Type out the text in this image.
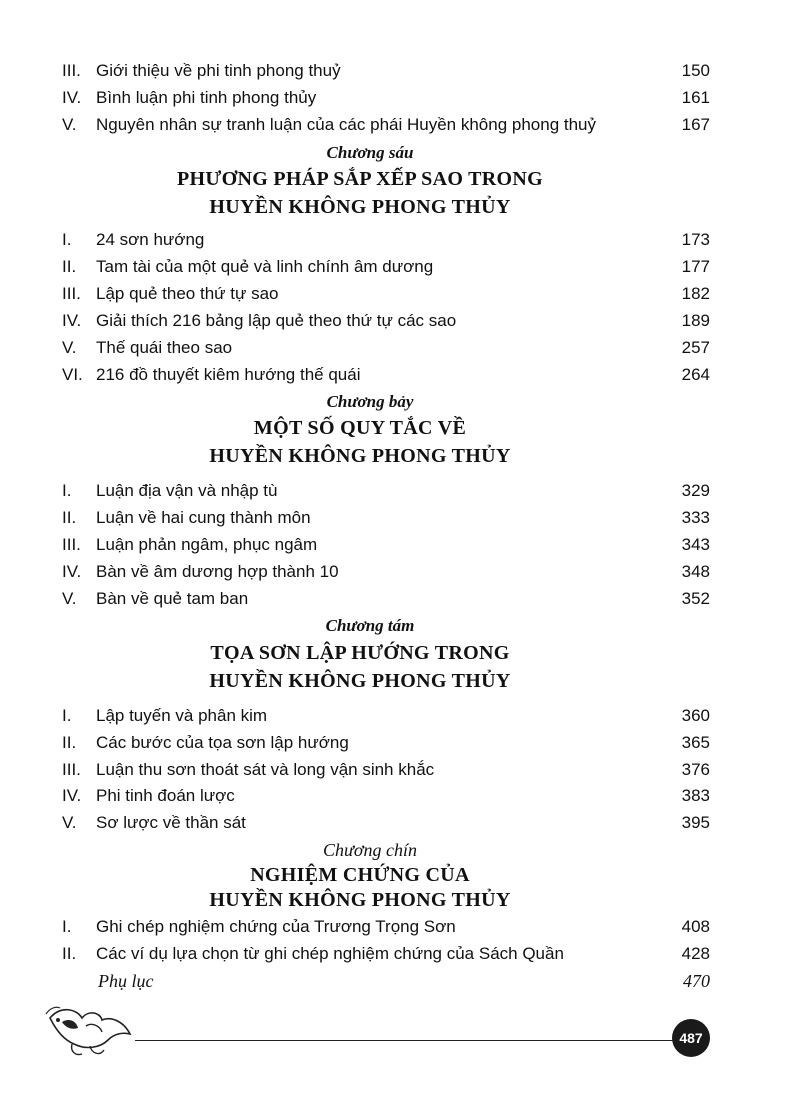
III. Giới thiệu về phi tinh phong thuỷ	150
IV. Bình luận phi tinh phong thủy	161
V. Nguyên nhân sự tranh luận của các phái Huyền không phong thuỷ	167
Chương sáu
PHƯƠNG PHÁP SẮP XẾP SAO TRONG
HUYỀN KHÔNG PHONG THỦY
I. 24 sơn hướng	173
II. Tam tài của một quẻ và linh chính âm dương	177
III. Lập quẻ theo thứ tự sao	182
IV. Giải thích 216 bảng lập quẻ theo thứ tự các sao	189
V. Thế quái theo sao	257
VI. 216 đồ thuyết kiêm hướng thế quái	264
Chương bảy
MỘT SỐ QUY TẮC VỀ
HUYỀN KHÔNG PHONG THỦY
I. Luận địa vận và nhập tù	329
II. Luận về hai cung thành môn	333
III. Luận phản ngâm, phục ngâm	343
IV. Bàn về âm dương hợp thành 10	348
V. Bàn về quẻ tam ban	352
Chương tám
TỌA SƠN LẬP HƯỚNG TRONG
HUYỀN KHÔNG PHONG THỦY
I. Lập tuyến và phân kim	360
II. Các bước của tọa sơn lập hướng	365
III. Luận thu sơn thoát sát và long vận sinh khắc	376
IV. Phi tinh đoán lược	383
V. Sơ lược về thần sát	395
Chương chín
NGHIỆM CHỨNG CỦA
HUYỀN KHÔNG PHONG THỦY
I. Ghi chép nghiệm chứng của Trương Trọng Sơn	408
II. Các ví dụ lựa chọn từ ghi chép nghiệm chứng của Sách Quần	428
Phụ lục	470
487
